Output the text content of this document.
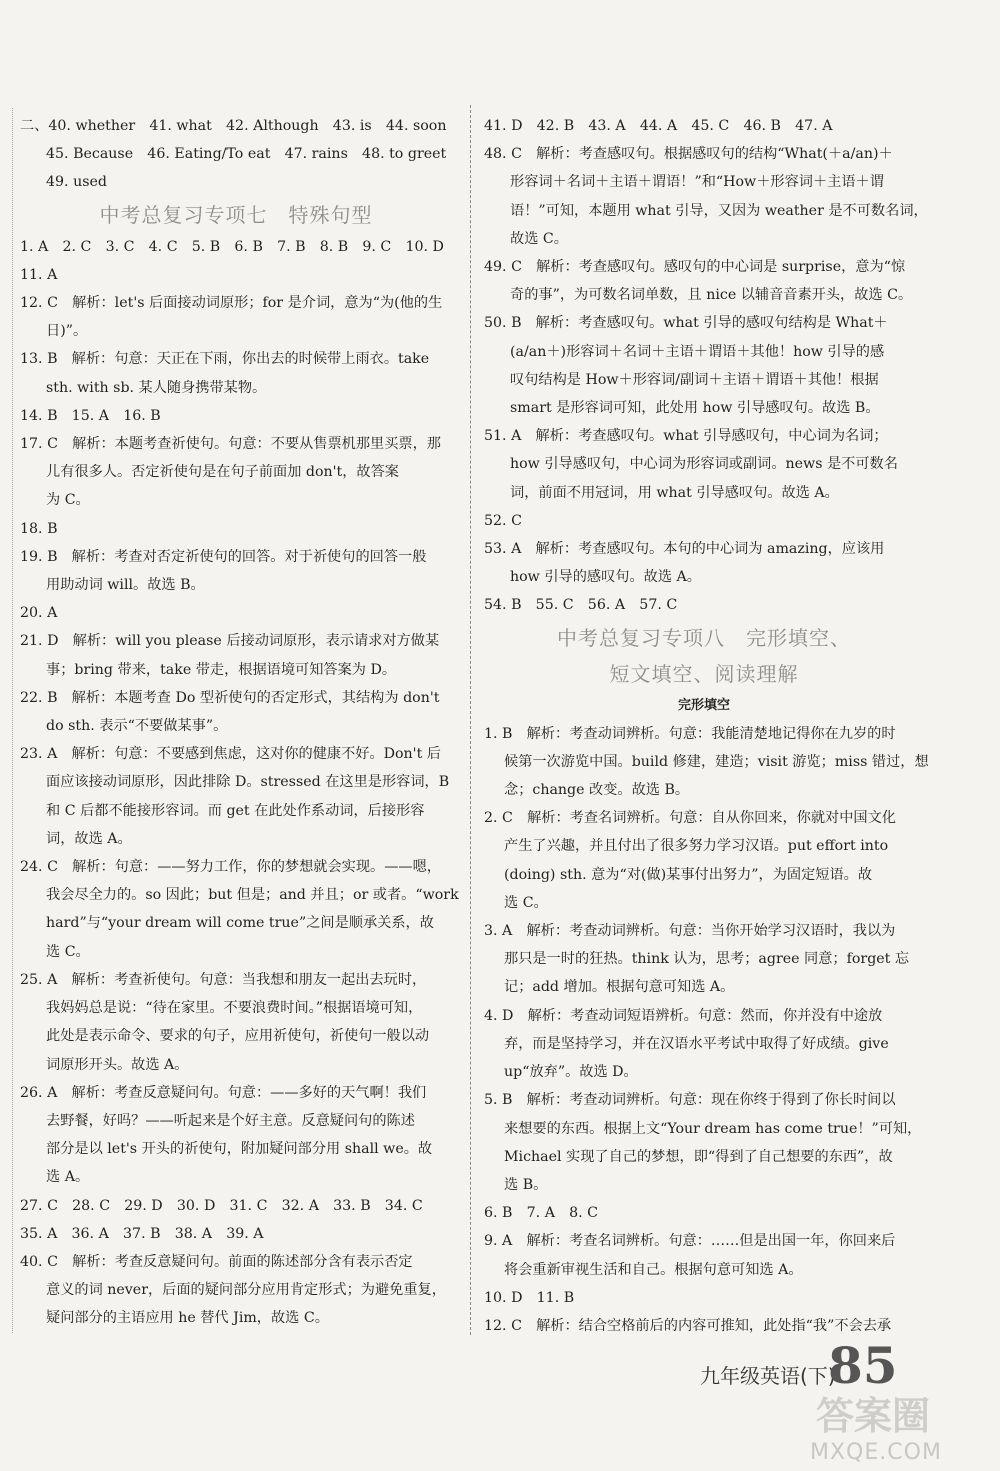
二、40. whether　41. what　42. Although　43. is　44. soon
45. Because　46. Eating/To eat　47. rains　48. to greet
49. used
中考总复习专项七　特殊句型
1. A　2. C　3. C　4. C　5. B　6. B　7. B　8. B　9. C　10. D
11. A
12. C　解析：let's 后面接动词原形；for 是介词，意为“为(他的生
日)”。
13. B　解析：句意：天正在下雨，你出去的时候带上雨衣。take
sth. with sb. 某人随身携带某物。
14. B　15. A　16. B
17. C　解析：本题考查祈使句。句意：不要从售票机那里买票，那
儿有很多人。否定祈使句是在句子前面加 don't，故答案
为 C。
18. B
19. B　解析：考查对否定祈使句的回答。对于祈使句的回答一般
用助动词 will。故选 B。
20. A
21. D　解析：will you please 后接动词原形，表示请求对方做某
事；bring 带来，take 带走，根据语境可知答案为 D。
22. B　解析：本题考查 Do 型祈使句的否定形式，其结构为 don't
do sth. 表示“不要做某事”。
23. A　解析：句意：不要感到焦虑，这对你的健康不好。Don't 后
面应该接动词原形，因此排除 D。stressed 在这里是形容词，B
和 C 后都不能接形容词。而 get 在此处作系动词，后接形容
词，故选 A。
24. C　解析：句意：——努力工作，你的梦想就会实现。——嗯，
我会尽全力的。so 因此；but 但是；and 并且；or 或者。“work
hard”与“your dream will come true”之间是顺承关系，故
选 C。
25. A　解析：考查祈使句。句意：当我想和朋友一起出去玩时，
我妈妈总是说：“待在家里。不要浪费时间。”根据语境可知，
此处是表示命令、要求的句子，应用祈使句，祈使句一般以动
词原形开头。故选 A。
26. A　解析：考查反意疑问句。句意：——多好的天气啊！我们
去野餐，好吗？——听起来是个好主意。反意疑问句的陈述
部分是以 let's 开头的祈使句，附加疑问部分用 shall we。故
选 A。
27. C　28. C　29. D　30. D　31. C　32. A　33. B　34. C
35. A　36. A　37. B　38. A　39. A
40. C　解析：考查反意疑问句。前面的陈述部分含有表示否定
意义的词 never，后面的疑问部分应用肯定形式；为避免重复，
疑问部分的主语应用 he 替代 Jim，故选 C。
41. D　42. B　43. A　44. A　45. C　46. B　47. A
48. C　解析：考查感叹句。根据感叹句的结构“What(＋a/an)＋
形容词＋名词＋主语＋谓语！”和“How＋形容词＋主语＋谓
语！”可知，本题用 what 引导，又因为 weather 是不可数名词，
故选 C。
49. C　解析：考查感叹句。感叹句的中心词是 surprise，意为“惊
奇的事”，为可数名词单数，且 nice 以辅音音素开头，故选 C。
50. B　解析：考查感叹句。what 引导的感叹句结构是 What＋
(a/an＋)形容词＋名词＋主语＋谓语＋其他！how 引导的感
叹句结构是 How＋形容词/副词＋主语＋谓语＋其他！根据
smart 是形容词可知，此处用 how 引导感叹句。故选 B。
51. A　解析：考查感叹句。what 引导感叹句，中心词为名词；
how 引导感叹句，中心词为形容词或副词。news 是不可数名
词，前面不用冠词，用 what 引导感叹句。故选 A。
52. C
53. A　解析：考查感叹句。本句的中心词为 amazing，应该用
how 引导的感叹句。故选 A。
54. B　55. C　56. A　57. C
中考总复习专项八　完形填空、
短文填空、阅读理解
完形填空
1. B　解析：考查动词辨析。句意：我能清楚地记得你在九岁的时
候第一次游览中国。build 修建，建造；visit 游览；miss 错过，想
念；change 改变。故选 B。
2. C　解析：考查名词辨析。句意：自从你回来，你就对中国文化
产生了兴趣，并且付出了很多努力学习汉语。put effort into
(doing) sth. 意为“对(做)某事付出努力”，为固定短语。故
选 C。
3. A　解析：考查动词辨析。句意：当你开始学习汉语时，我以为
那只是一时的狂热。think 认为，思考；agree 同意；forget 忘
记；add 增加。根据句意可知选 A。
4. D　解析：考查动词短语辨析。句意：然而，你并没有中途放
弃，而是坚持学习，并在汉语水平考试中取得了好成绩。give
up“放弃”。故选 D。
5. B　解析：考查动词辨析。句意：现在你终于得到了你长时间以
来想要的东西。根据上文“Your dream has come true！”可知，
Michael 实现了自己的梦想，即“得到了自己想要的东西”，故
选 B。
6. B　7. A　8. C
9. A　解析：考查名词辨析。句意：……但是出国一年，你回来后
将会重新审视生活和自己。根据句意可知选 A。
10. D　11. B
12. C　解析：结合空格前后的内容可推知，此处指“我”不会去承
九年级英语(下)
85
答案圈
MXQE.COM
